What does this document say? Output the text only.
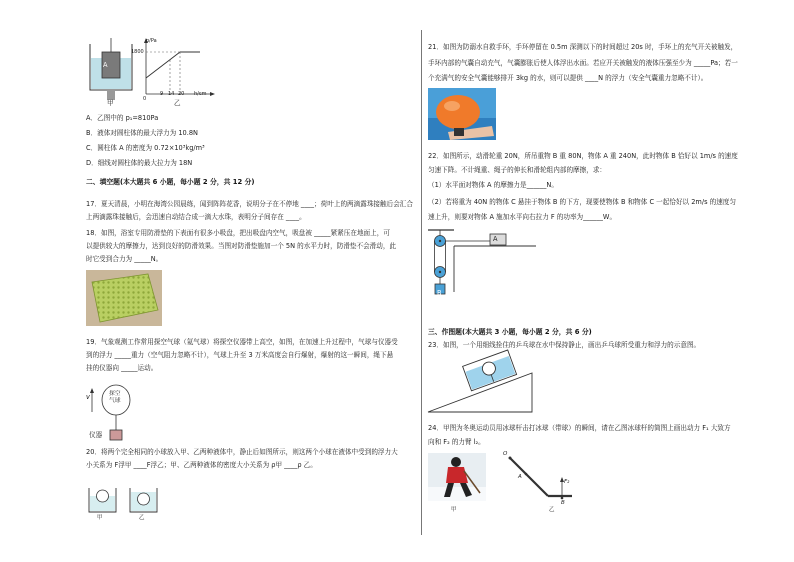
A
甲
p/Pa
1800
0
9 14 20 h/cm
乙
A．乙图中的 p₁=810Pa
B．液体对圆柱体的最大浮力为 10.8N
C．圆柱体 A 的密度为 0.72×10³kg/m³
D．细线对圆柱体的最大拉力为 18N
二、填空题(本大题共 6 小题，每小题 2 分，共 12 分)
17．夏天清晨，小明在海湾公园晨练，闻到阵阵花香，说明分子在不停地 ____；荷叶上的两滴露珠接触后会汇合
上两滴露珠接触后，会迅速自动结合成一滴大水珠，表明分子间存在 ____。
18．如图，浴室专用防滑垫的下表面有很多小吸盘，把出吸盘内空气，吸盘被 _____紧紧压在地面上，可
以提供较大的摩擦力，达到良好的防滑效果。当图对防滑垫施加一个 5N 的水平力时，防滑垫不会滑动，此
时它受到合力为 _____N。
19．气象观测工作常用探空气球（氦气球）将探空仪器带上高空，如图，在加速上升过程中，气球与仪器受
到的浮力 _____重力（空气阻力忽略不计），气球上升至 3 万米高度会自行爆射，爆射的这一瞬间，绳下悬
挂的仪器向 _____运动。
v	探空
气球
仪器
20．将两个完全相同的小球放入甲、乙两种液体中，静止后如图所示，则这两个小球在液体中受到的浮力大
小关系为 F浮甲 ____F浮乙；甲、乙两种液体的密度大小关系为 ρ甲 ____ρ 乙。
甲	乙
21．如图为防溺水自救手环，手环停留在 0.5m 深测以下的时间超过 20s 时，手环上的充气开关被触发，
手环内部的气囊自动充气，气囊膨胀后使人体浮出水面。若应开关被触发的液体压强至少为 _____Pa；若一
个充满气的安全气囊能够排开 3kg 的水，则可以提供 ____N 的浮力（安全气囊重力忽略不计）。
22．如图所示，动滑轮重 20N，所吊重物 B 重 80N，物体 A 重 240N，此时物体 B 恰好以 1m/s 的速度
匀速下降。不计绳重、绳子的伸长和滑轮组内部的摩擦，求：
（1）水平面对物体 A 的摩擦力是______N。
（2）若将重为 40N 的物体 C 悬挂于物体 B 的下方，现要使物体 B 和物体 C 一起恰好以 2m/s 的速度匀
速上升，则要对物体 A 施加水平向右拉力 F 的功率为______W。
A
B
三、作图题(本大题共 3 小题，每小题 2 分，共 6 分)
23．如图，一个用细线拴住的乒乓球在水中保持静止，画出乒乓球所受重力和浮力的示意图。
24．甲图为冬奥运动员用冰球杆击打冰球（带球）的瞬间，请在乙图冰球杆的简图上画出动力 F₁ 大致方
向和 F₂ 的力臂 l₂。
甲
O
A
B
F₂
乙
